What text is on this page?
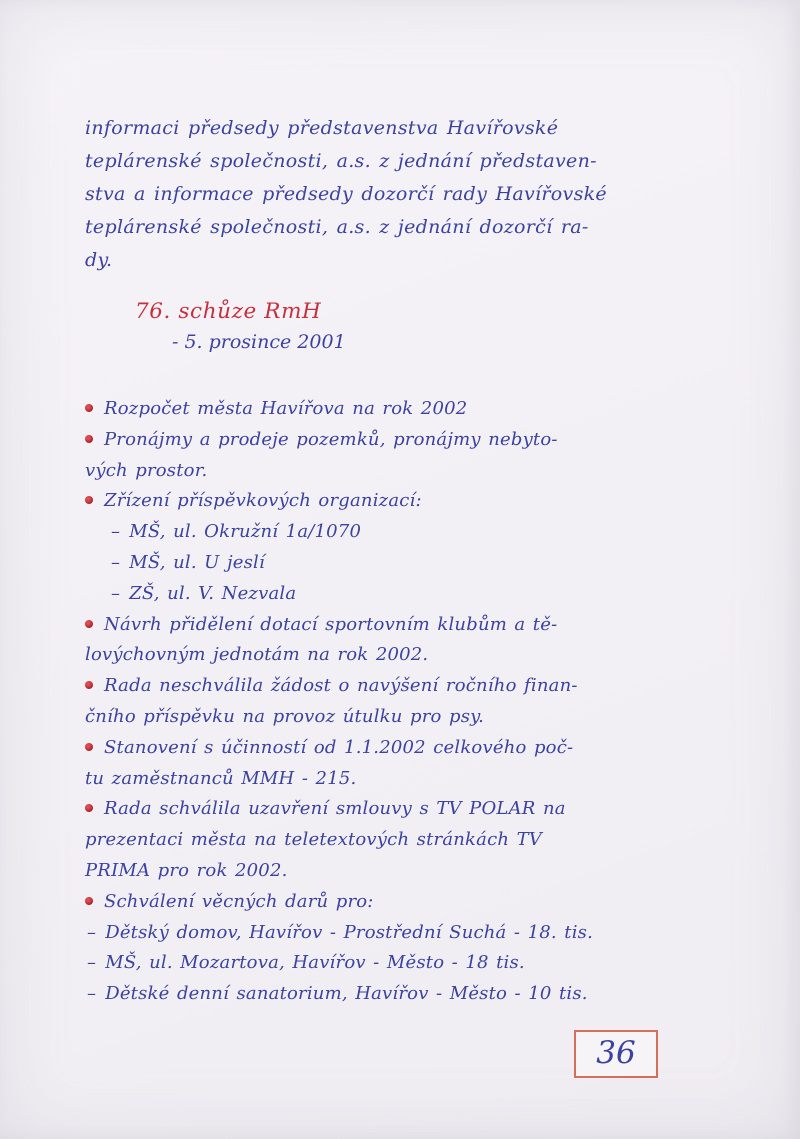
informaci předsedy představenstva Havířovské
teplárenské společnosti, a.s. z jednání představen-
stva a informace předsedy dozorčí rady Havířovské
teplárenské společnosti, a.s. z jednání dozorčí ra-
dy.
76. schůze RmH
- 5. prosince 2001
Rozpočet města Havířova na rok 2002
Pronájmy a prodeje pozemků, pronájmy nebyto-
vých prostor.
Zřízení příspěvkových organizací:
– MŠ, ul. Okružní 1a/1070
– MŠ, ul. U jeslí
– ZŠ, ul. V. Nezvala
Návrh přidělení dotací sportovním klubům a tě-
lovýchovným jednotám na rok 2002.
Rada neschválila žádost o navýšení ročního finan-
čního příspěvku na provoz útulku pro psy.
Stanovení s účinností od 1.1.2002 celkového poč-
tu zaměstnanců MMH - 215.
Rada schválila uzavření smlouvy s TV POLAR na
prezentaci města na teletextových stránkách TV
PRIMA pro rok 2002.
Schválení věcných darů pro:
– Dětský domov, Havířov - Prostřední Suchá - 18. tis.
– MŠ, ul. Mozartova, Havířov - Město - 18 tis.
– Dětské denní sanatorium, Havířov - Město - 10 tis.
36
